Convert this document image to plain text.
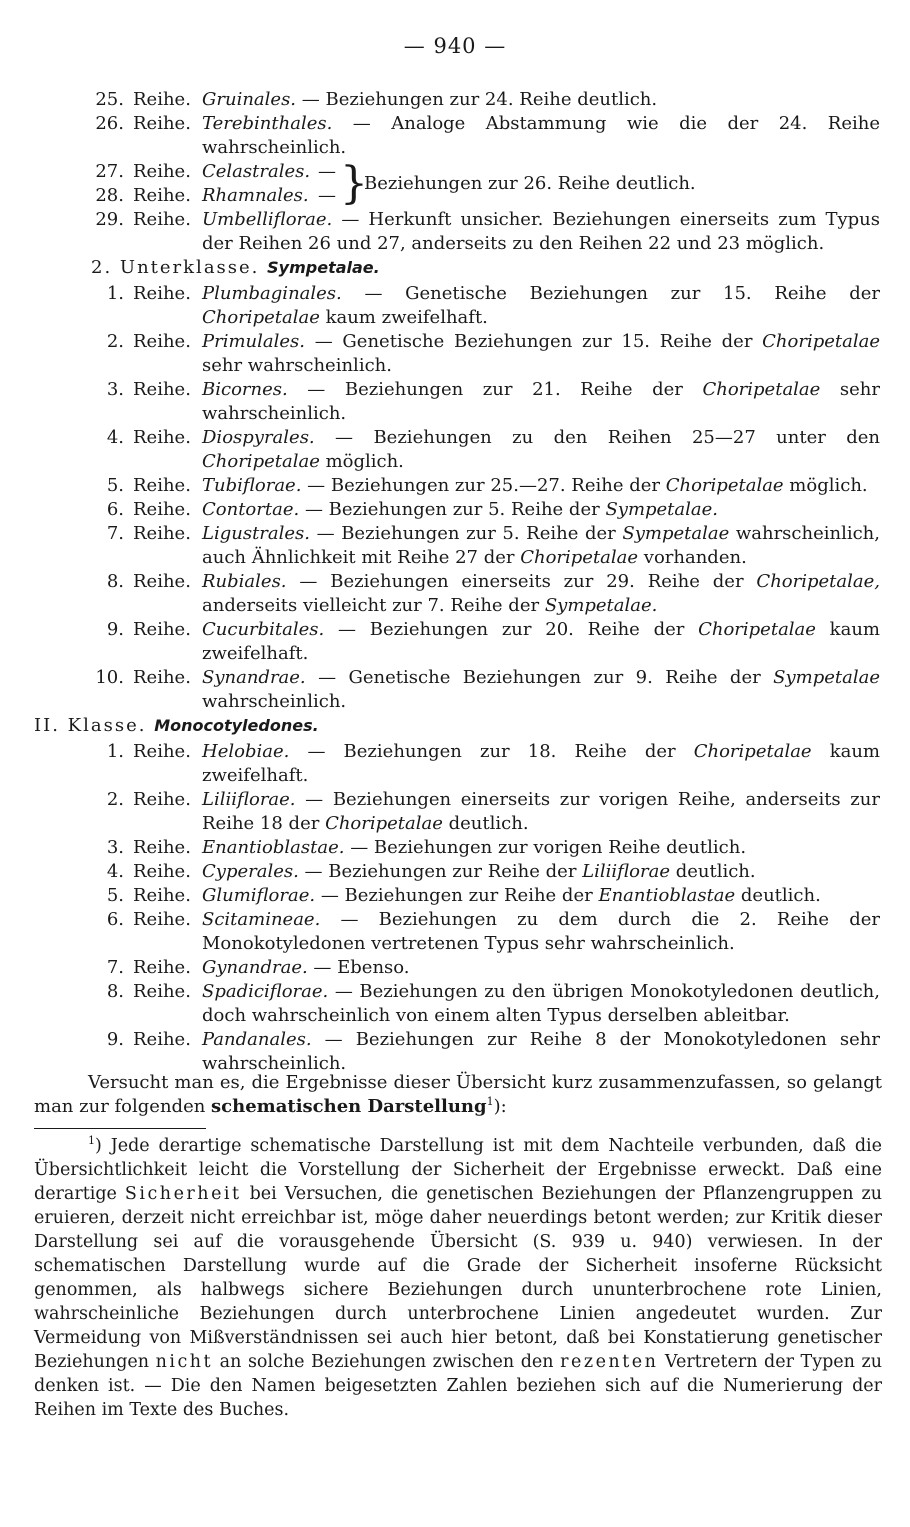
— 940 —
25. Reihe. Gruinales. — Beziehungen zur 24. Reihe deutlich.
26. Reihe. Terebinthales. — Analoge Abstammung wie die der 24. Reihe wahrscheinlich.
27. Reihe. Celastrales. —
28. Reihe. Rhamnales. — }
Beziehungen zur 26. Reihe deutlich.
29. Reihe. Umbelliflorae. — Herkunft unsicher. Beziehungen einerseits zum Typus der Reihen 26 und 27, anderseits zu den Reihen 22 und 23 möglich.
2. Unterklasse. Sympetalae.
1. Reihe. Plumbaginales. — Genetische Beziehungen zur 15. Reihe der Choripetalae kaum zweifelhaft.
2. Reihe. Primulales. — Genetische Beziehungen zur 15. Reihe der Choripetalae sehr wahrscheinlich.
3. Reihe. Bicornes. — Beziehungen zur 21. Reihe der Choripetalae sehr wahrscheinlich.
4. Reihe. Diospyrales. — Beziehungen zu den Reihen 25—27 unter den Choripetalae möglich.
5. Reihe. Tubiflorae. — Beziehungen zur 25.—27. Reihe der Choripetalae möglich.
6. Reihe. Contortae. — Beziehungen zur 5. Reihe der Sympetalae.
7. Reihe. Ligustrales. — Beziehungen zur 5. Reihe der Sympetalae wahrscheinlich, auch Ähnlichkeit mit Reihe 27 der Choripetalae vorhanden.
8. Reihe. Rubiales. — Beziehungen einerseits zur 29. Reihe der Choripetalae, anderseits vielleicht zur 7. Reihe der Sympetalae.
9. Reihe. Cucurbitales. — Beziehungen zur 20. Reihe der Choripetalae kaum zweifelhaft.
10. Reihe. Synandrae. — Genetische Beziehungen zur 9. Reihe der Sympetalae wahrscheinlich.
II. Klasse. Monocotyledones.
1. Reihe. Helobiae. — Beziehungen zur 18. Reihe der Choripetalae kaum zweifelhaft.
2. Reihe. Liliiflorae. — Beziehungen einerseits zur vorigen Reihe, anderseits zur Reihe 18 der Choripetalae deutlich.
3. Reihe. Enantioblastae. — Beziehungen zur vorigen Reihe deutlich.
4. Reihe. Cyperales. — Beziehungen zur Reihe der Liliiflorae deutlich.
5. Reihe. Glumiflorae. — Beziehungen zur Reihe der Enantioblastae deutlich.
6. Reihe. Scitamineae. — Beziehungen zu dem durch die 2. Reihe der Monokotyledonen vertretenen Typus sehr wahrscheinlich.
7. Reihe. Gynandrae. — Ebenso.
8. Reihe. Spadiciflorae. — Beziehungen zu den übrigen Monokotyledonen deutlich, doch wahrscheinlich von einem alten Typus derselben ableitbar.
9. Reihe. Pandanales. — Beziehungen zur Reihe 8 der Monokotyledonen sehr wahrscheinlich.
Versucht man es, die Ergebnisse dieser Übersicht kurz zusammenzufassen, so gelangt man zur folgenden schematischen Darstellung$^1$):
$^1$) Jede derartige schematische Darstellung ist mit dem Nachteile verbunden, daß die Übersichtlichkeit leicht die Vorstellung der Sicherheit der Ergebnisse erweckt. Daß eine derartige Sicherheit bei Versuchen, die genetischen Beziehungen der Pflanzengruppen zu eruieren, derzeit nicht erreichbar ist, möge daher neuerdings betont werden; zur Kritik dieser Darstellung sei auf die vorausgehende Übersicht (S. 939 u. 940) verwiesen. In der schematischen Darstellung wurde auf die Grade der Sicherheit insoferne Rücksicht genommen, als halbwegs sichere Beziehungen durch ununterbrochene rote Linien, wahrscheinliche Beziehungen durch unterbrochene Linien angedeutet wurden. Zur Vermeidung von Mißverständnissen sei auch hier betont, daß bei Konstatierung genetischer Beziehungen nicht an solche Beziehungen zwischen den rezenten Vertretern der Typen zu denken ist. — Die den Namen beigesetzten Zahlen beziehen sich auf die Numerierung der Reihen im Texte des Buches.
